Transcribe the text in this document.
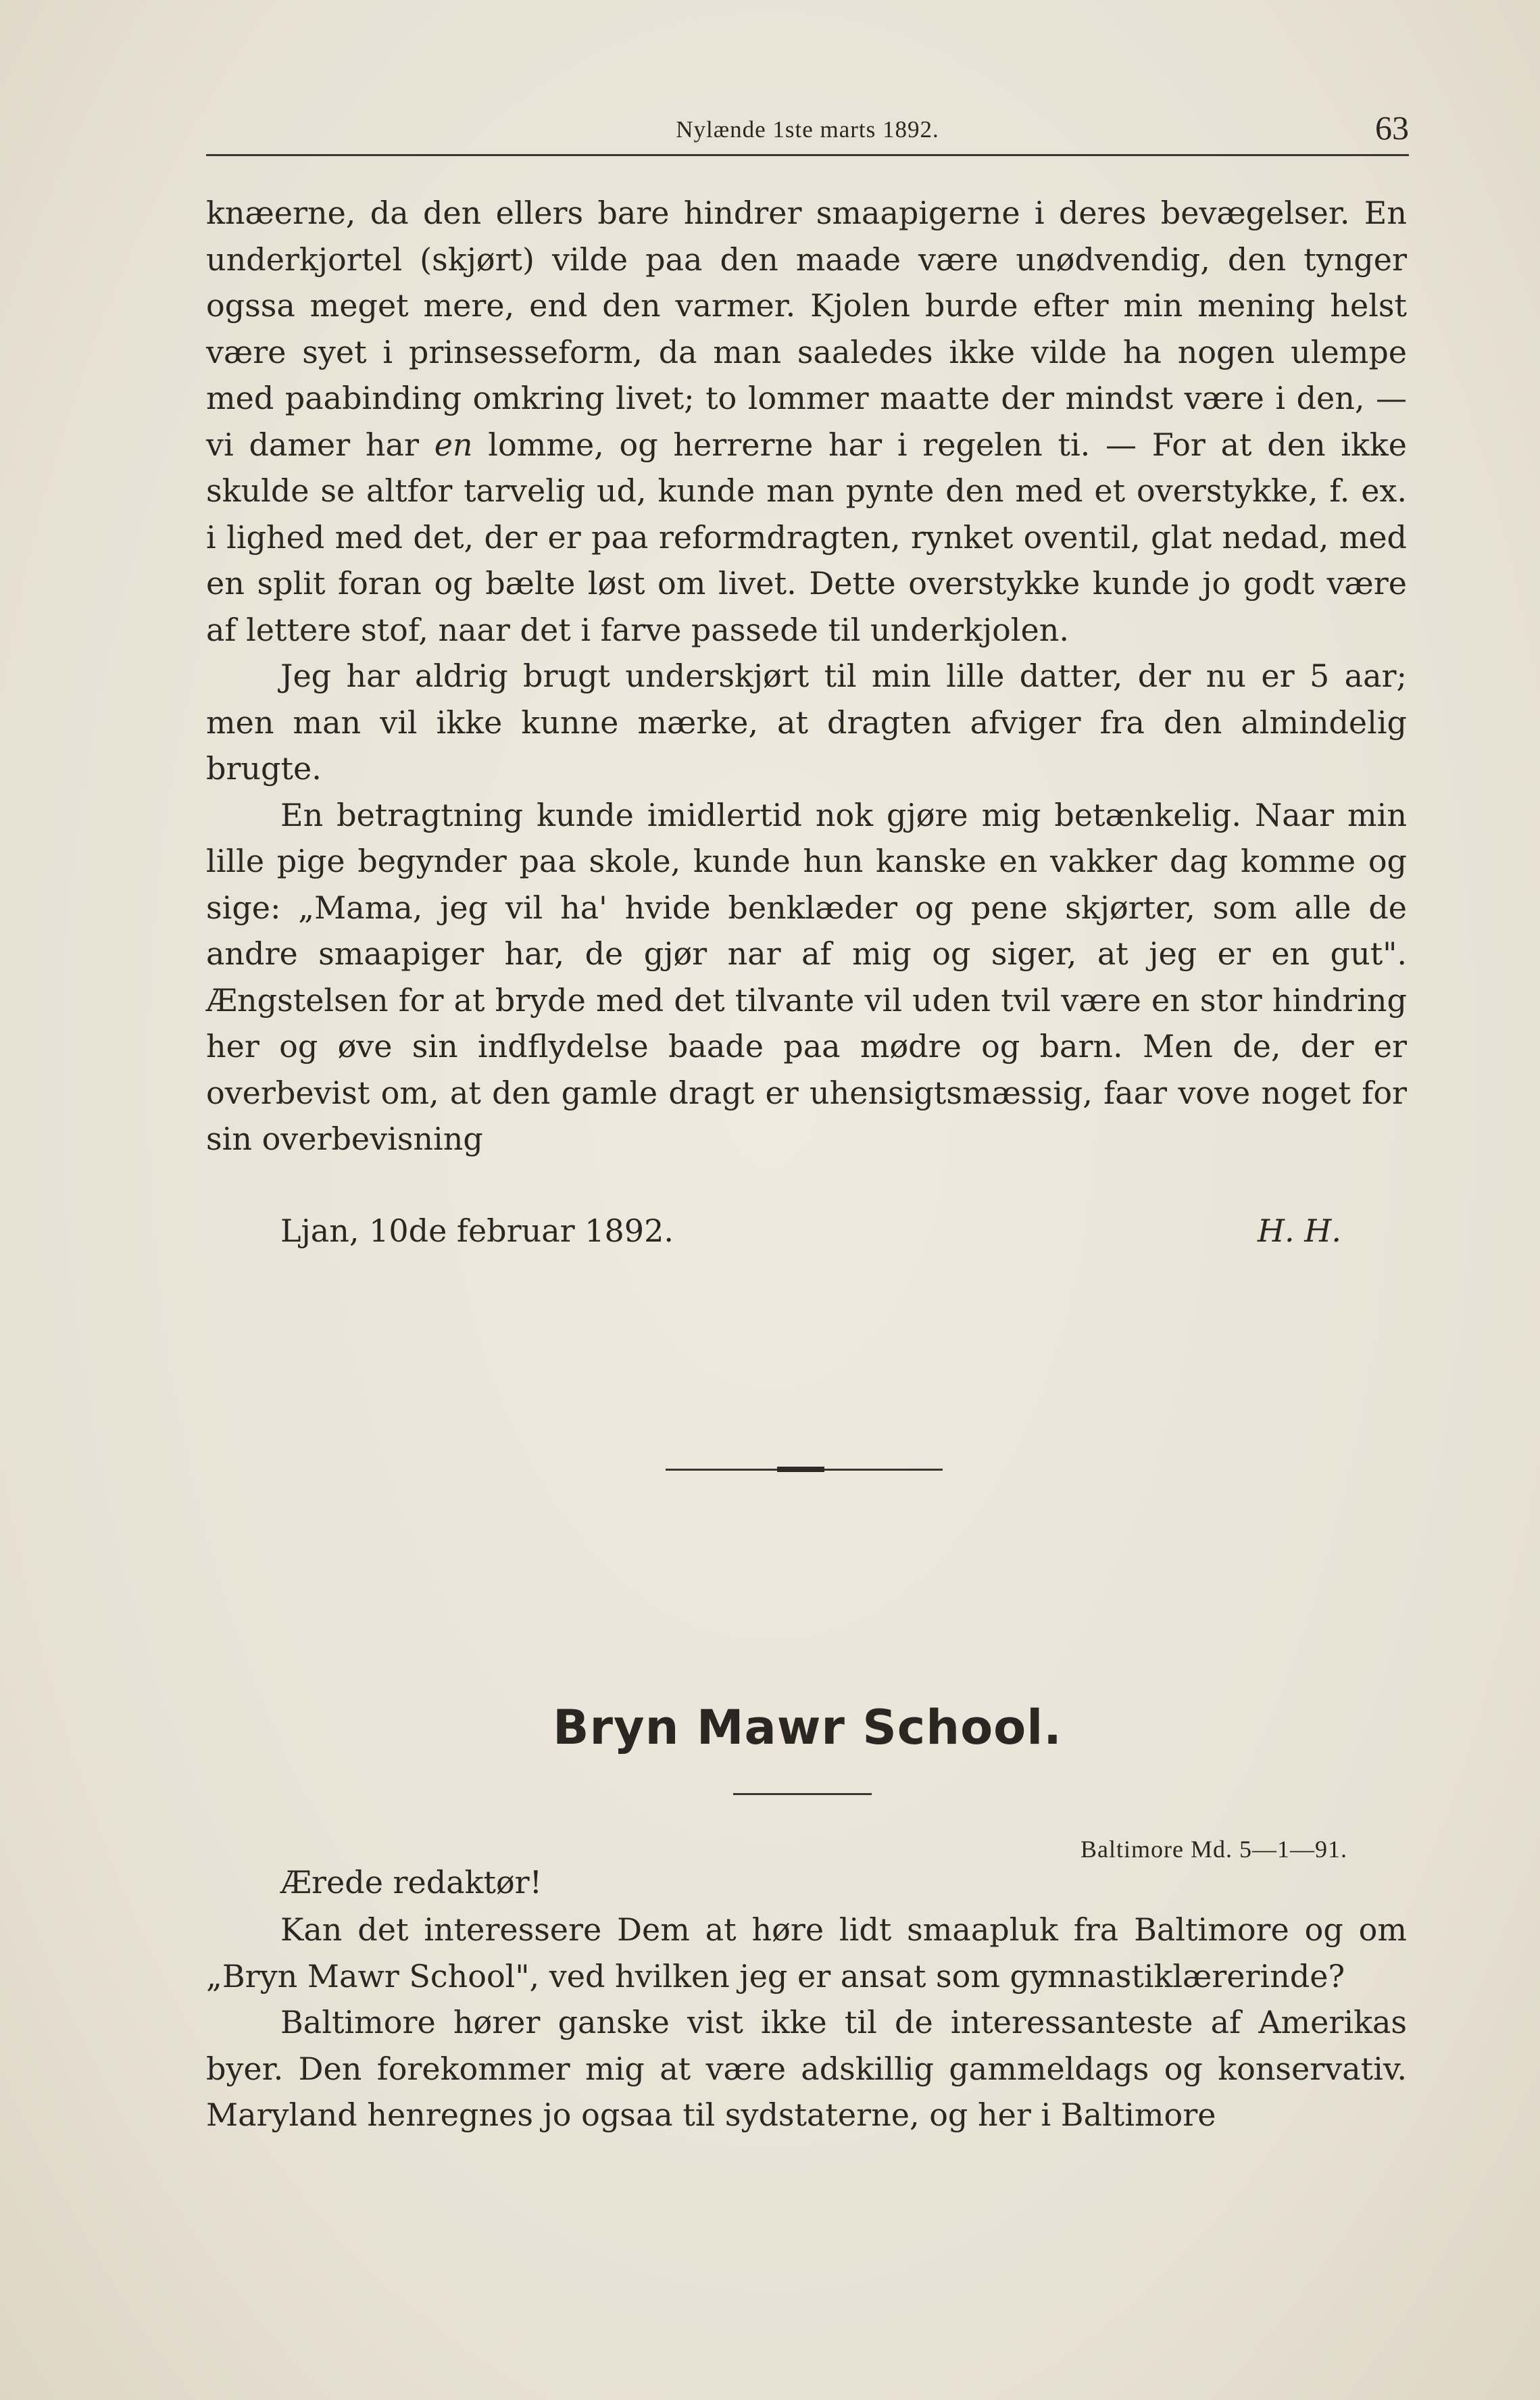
Nylænde 1ste marts 1892.	63

knæerne, da den ellers bare hindrer smaapigerne i deres bevægelser. En underkjortel (skjørt) vilde paa den maade være unødvendig, den tynger ogssa meget mere, end den varmer. Kjolen burde efter min mening helst være syet i prinsesseform, da man saaledes ikke vilde ha nogen ulempe med paabinding omkring livet; to lommer maatte der mindst være i den, — vi damer har en lomme, og herrerne har i regelen ti. — For at den ikke skulde se altfor tarvelig ud, kunde man pynte den med et overstykke, f. ex. i lighed med det, der er paa reformdragten, rynket oventil, glat nedad, med en split foran og bælte løst om livet. Dette overstykke kunde jo godt være af lettere stof, naar det i farve passede til underkjolen.

Jeg har aldrig brugt underskjørt til min lille datter, der nu er 5 aar; men man vil ikke kunne mærke, at dragten afviger fra den almindelig brugte.

En betragtning kunde imidlertid nok gjøre mig betænkelig. Naar min lille pige begynder paa skole, kunde hun kanske en vakker dag komme og sige: „Mama, jeg vil ha' hvide benklæder og pene skjørter, som alle de andre smaapiger har, de gjør nar af mig og siger, at jeg er en gut". Ængstelsen for at bryde med det tilvante vil uden tvil være en stor hindring her og øve sin indflydelse baade paa mødre og barn. Men de, der er overbevist om, at den gamle dragt er uhensigtsmæssig, faar vove noget for sin overbevisning

Ljan, 10de februar 1892.	H. H.
Bryn Mawr School.
Baltimore Md. 5—1—91.
Ærede redaktør!

Kan det interessere Dem at høre lidt smaapluk fra Baltimore og om „Bryn Mawr School", ved hvilken jeg er ansat som gymnastiklærerinde?

Baltimore hører ganske vist ikke til de interessanteste af Amerikas byer. Den forekommer mig at være adskillig gammeldags og konservativ. Maryland henregnes jo ogsaa til sydstaterne, og her i Baltimore
